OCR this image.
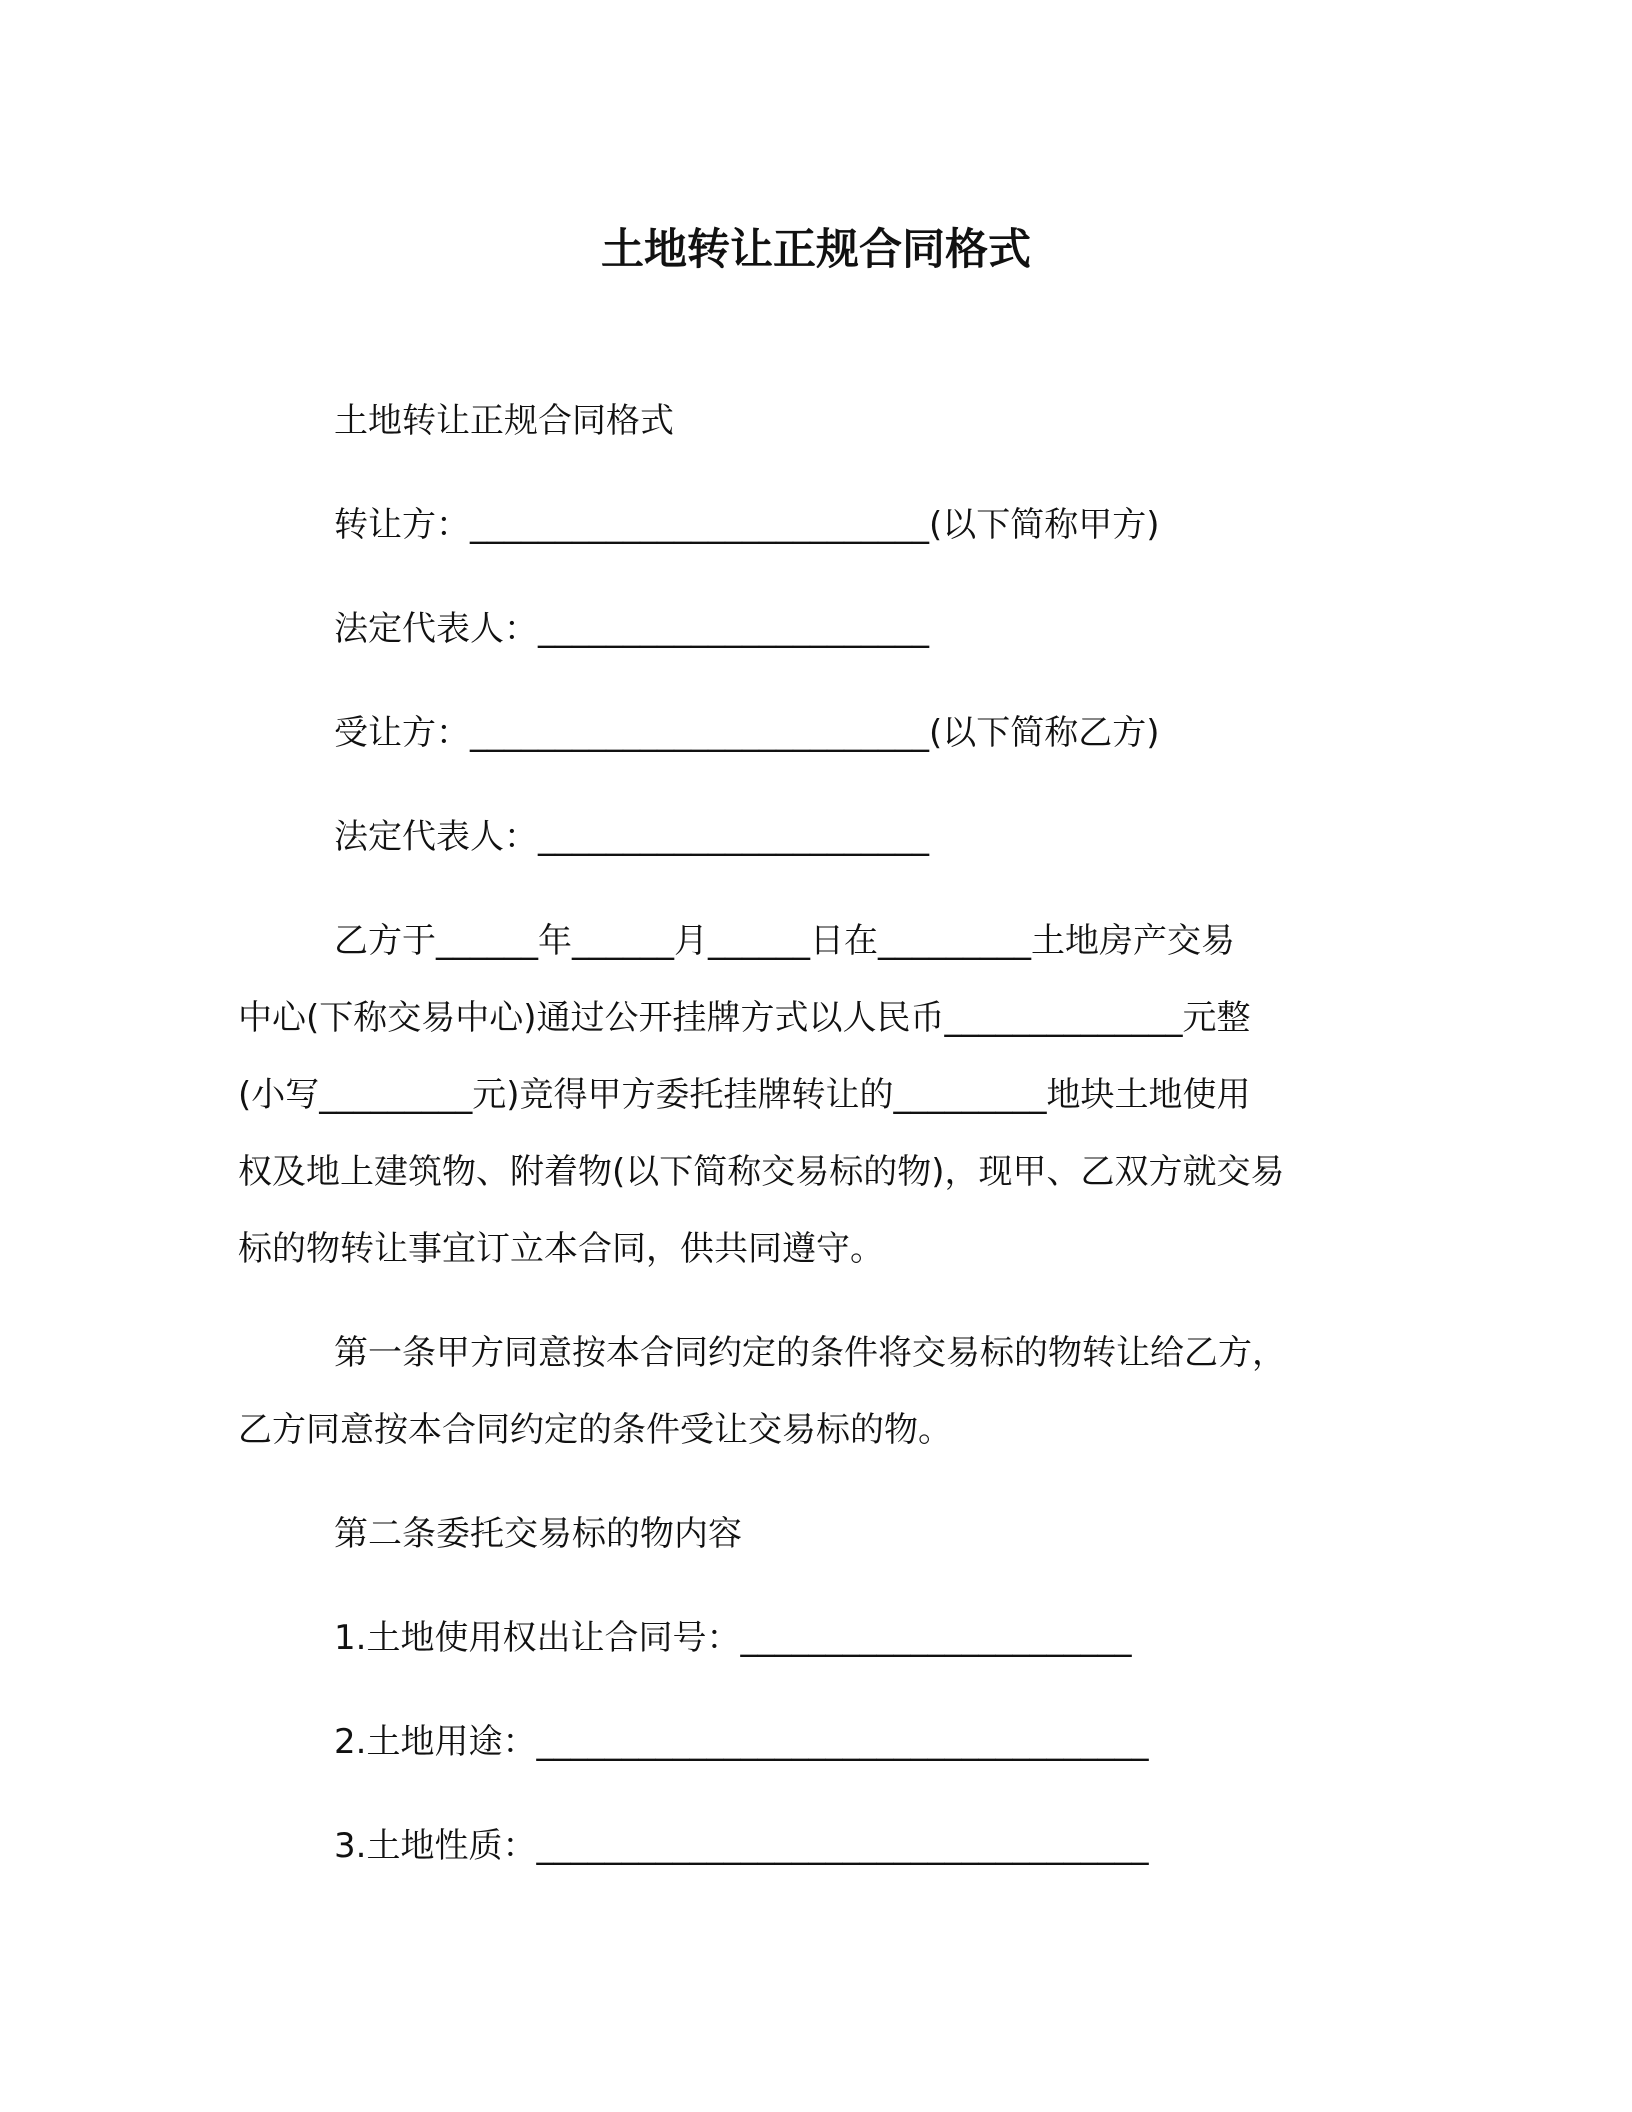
土地转让正规合同格式
土地转让正规合同格式
转让方：___________________________(以下简称甲方)
法定代表人：_______________________
受让方：___________________________(以下简称乙方)
法定代表人：_______________________
乙方于______年______月______日在_________土地房产交易
中心(下称交易中心)通过公开挂牌方式以人民币______________元整
(小写_________元)竞得甲方委托挂牌转让的_________地块土地使用
权及地上建筑物、附着物(以下简称交易标的物)，现甲、乙双方就交易
标的物转让事宜订立本合同，供共同遵守。
第一条甲方同意按本合同约定的条件将交易标的物转让给乙方，
乙方同意按本合同约定的条件受让交易标的物。
第二条委托交易标的物内容
1.土地使用权出让合同号：_______________________
2.土地用途：____________________________________
3.土地性质：____________________________________
